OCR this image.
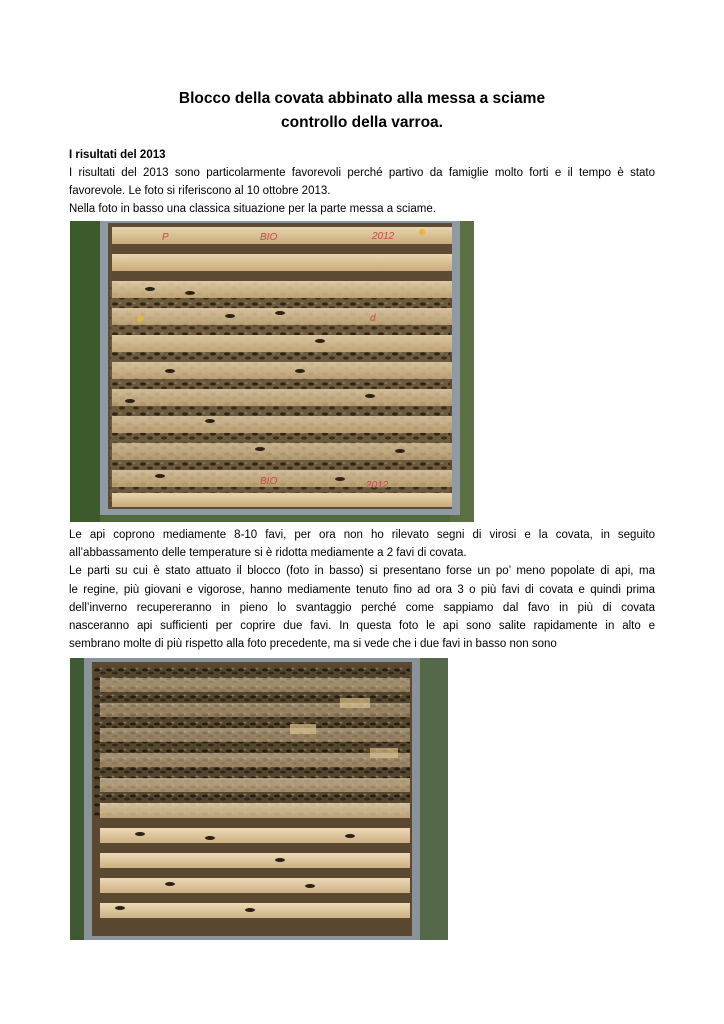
Blocco della covata abbinato alla messa a sciame
controllo della varroa.
I risultati del 2013
I risultati del 2013 sono particolarmente favorevoli perché partivo da famiglie molto forti e il tempo è stato
favorevole. Le foto si riferiscono al 10 ottobre 2013.
Nella foto in basso una classica situazione per la parte messa a sciame.
P	BIO	2012
d
BIO	2012
Le api coprono mediamente 8-10 favi, per ora non ho rilevato segni di virosi e la covata, in seguito
all’abbassamento delle temperature si è ridotta mediamente a 2 favi di covata.
Le parti su cui è stato attuato il blocco (foto in basso) si presentano forse un po’ meno popolate di api, ma
le regine, più giovani e vigorose, hanno mediamente tenuto fino ad ora 3 o più favi di covata e quindi prima
dell’inverno recupereranno in pieno lo svantaggio perché come sappiamo dal favo in più di covata
nasceranno api sufficienti per coprire due favi. In questa foto le api sono salite rapidamente in alto e
sembrano molte di più rispetto alla foto precedente, ma si vede che i due favi in basso non sono
